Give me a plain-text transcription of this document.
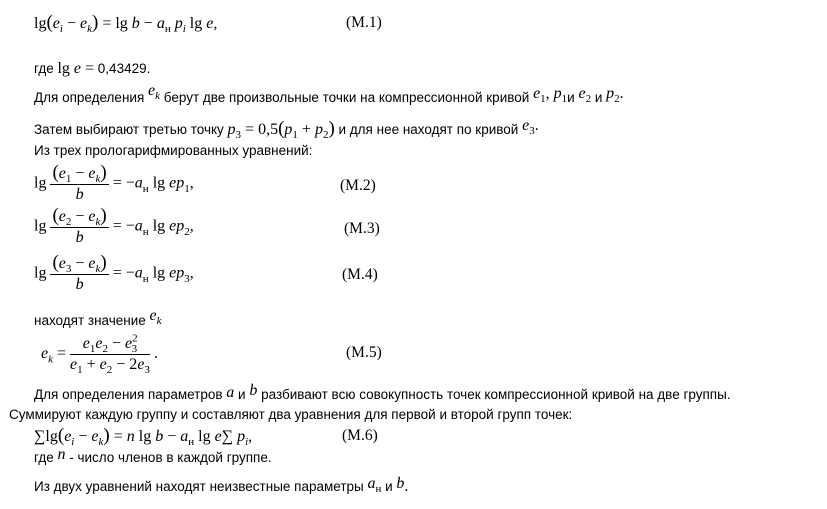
$\lg(e_i - e_k) = \lg b - a_н$ $p_i$ lg e,	(M.1)
где lg e = 0,43429.
Для определения $e_k$ берут две произвольные точки на компрессионной кривой $e_1$, $p_1и$ $e_2$ и $p_2$.
Затем выбирают третью точку $p_3 = 0,5(p_1 + p_2)$ и для нее находят по кривой $e_3$.
Из трех прологарифмированных уравнений:
$\lg \frac{(e_1 - e_k)}{b} = -a_н$ $\lg ep_1$,	(M.2)
$\lg \frac{(e_2 - e_k)}{b} = -a_н$ $\lg ep_2$,	(M.3)
$\lg \frac{(e_3 - e_k)}{b} = -a_н$ $\lg ep_3$,	(M.4)
находят значение $e_k$
$e_k = \frac{e_1e_2 - e^2_3}{e_1 + e_2 - 2e_3}$ .	(M.5)
Для определения параметров a и b разбивают всю совокупность точек компрессионной кривой на две группы.
Суммируют каждую группу и составляют два уравнения для первой и второй групп точек:
$\sum\lg(e_i - e_k) = n$ $\lg b - a_н$ lg e∑ $p_i$,	(M.6)
где n - число членов в каждой группе.
Из двух уравнений находят неизвестные параметры $a_н$ и b.
